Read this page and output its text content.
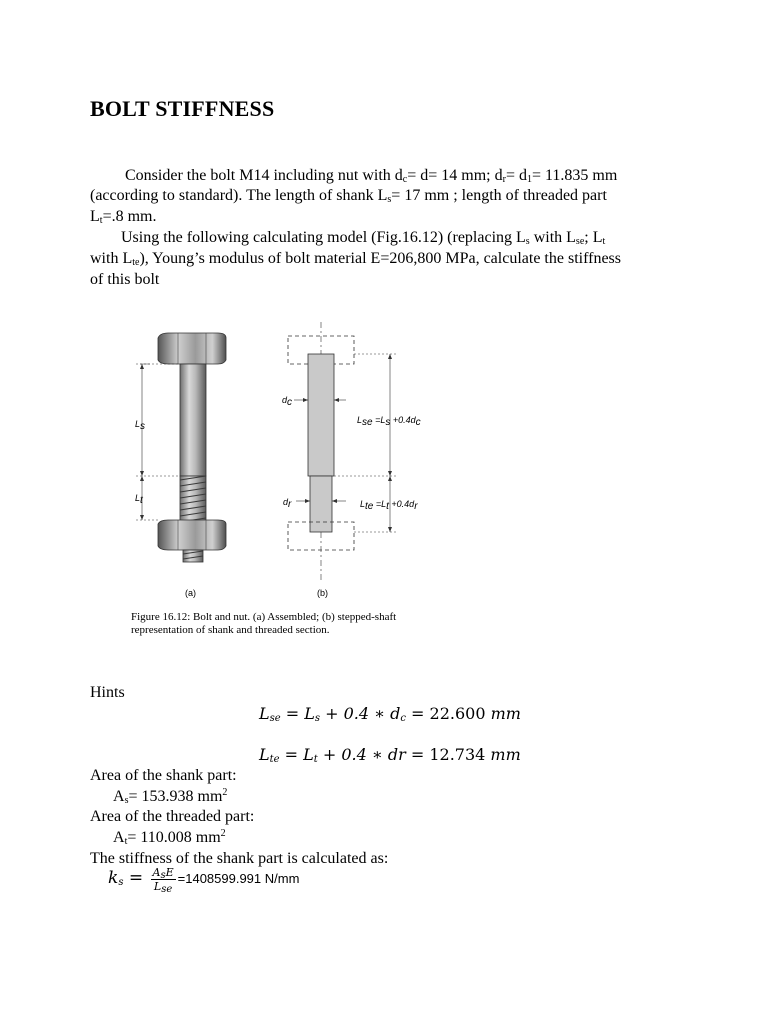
BOLT STIFFNESS
Consider the bolt M14 including nut with $d_c= d= 14$ mm; $d_r= d_1= 11.835$ mm
(according to standard). The length of shank $L_s= 17$ mm ; length of threaded part
$L_t=.8$ mm.
Using the following calculating model (Fig.16.12) (replacing $L_s$ with $L_{se}$; $L_t$
with $L_{te}$), Young’s modulus of bolt material E=206,800 MPa, calculate the stiffness
of this bolt
$L_s$
$L_t$
$d_c$
$d_r$
$L_{se} =L_s +0.4d_c$
$L_{te} =L_t +0.4d_r$
(a)	(b)
Figure 16.12: Bolt and nut. (a) Assembled; (b) stepped-shaft
representation of shank and threaded section.
Hints
$L_{se} = L_s + 0.4$ ∗ $d_c = 22.600$ mm
$L_{te} = L_t + 0.4$ ∗ dr = 12.734 mm
Area of the shank part:
$A_s= 153.938$ $mm^2$
Area of the threaded part:
$A_t= 110.008$ $mm^2$
The stiffness of the shank part is calculated as:
$k_s = \frac{A_sE}{L_{se}} =1408599.991$ N/mm
